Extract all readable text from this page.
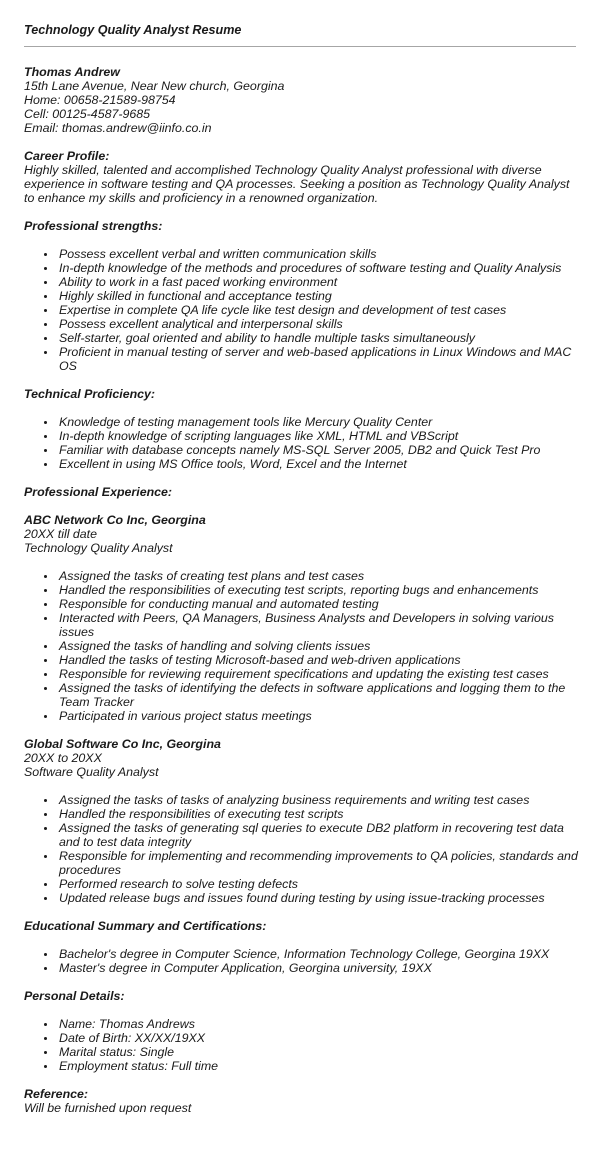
Technology Quality Analyst Resume

Thomas Andrew

15th Lane Avenue, Near New church, Georgina

Home: 00658-21589-98754

Cell: 00125-4587-9685

Email: thomas.andrew@iinfo.co.in

Career Profile:

Highly skilled, talented and accomplished Technology Quality Analyst professional with diverse experience in software testing and QA processes. Seeking a position as Technology Quality Analyst to enhance my skills and proficiency in a renowned organization.

Professional strengths:

Possess excellent verbal and written communication skills
In-depth knowledge of the methods and procedures of software testing and Quality Analysis
Ability to work in a fast paced working environment
Highly skilled in functional and acceptance testing
Expertise in complete QA life cycle like test design and development of test cases
Possess excellent analytical and interpersonal skills
Self-starter, goal oriented and ability to handle multiple tasks simultaneously
Proficient in manual testing of server and web-based applications in Linux Windows and MAC OS

Technical Proficiency:

Knowledge of testing management tools like Mercury Quality Center
In-depth knowledge of scripting languages like XML, HTML and VBScript
Familiar with database concepts namely MS-SQL Server 2005, DB2 and Quick Test Pro
Excellent in using MS Office tools, Word, Excel and the Internet

Professional Experience:

ABC Network Co Inc, Georgina

20XX till date

Technology Quality Analyst

Assigned the tasks of creating test plans and test cases
Handled the responsibilities of executing test scripts, reporting bugs and enhancements
Responsible for conducting manual and automated testing
Interacted with Peers, QA Managers, Business Analysts and Developers in solving various issues
Assigned the tasks of handling and solving clients issues
Handled the tasks of testing Microsoft-based and web-driven applications
Responsible for reviewing requirement specifications and updating the existing test cases
Assigned the tasks of identifying the defects in software applications and logging them to the Team Tracker
Participated in various project status meetings

Global Software Co Inc, Georgina

20XX to 20XX

Software Quality Analyst

Assigned the tasks of tasks of analyzing business requirements and writing test cases
Handled the responsibilities of executing test scripts
Assigned the tasks of generating sql queries to execute DB2 platform in recovering test data and to test data integrity
Responsible for implementing and recommending improvements to QA policies, standards and procedures
Performed research to solve testing defects
Updated release bugs and issues found during testing by using issue-tracking processes

Educational Summary and Certifications:

Bachelor's degree in Computer Science, Information Technology College, Georgina 19XX
Master's degree in Computer Application, Georgina university, 19XX

Personal Details:

Name: Thomas Andrews
Date of Birth: XX/XX/19XX
Marital status: Single
Employment status: Full time

Reference:

Will be furnished upon request
